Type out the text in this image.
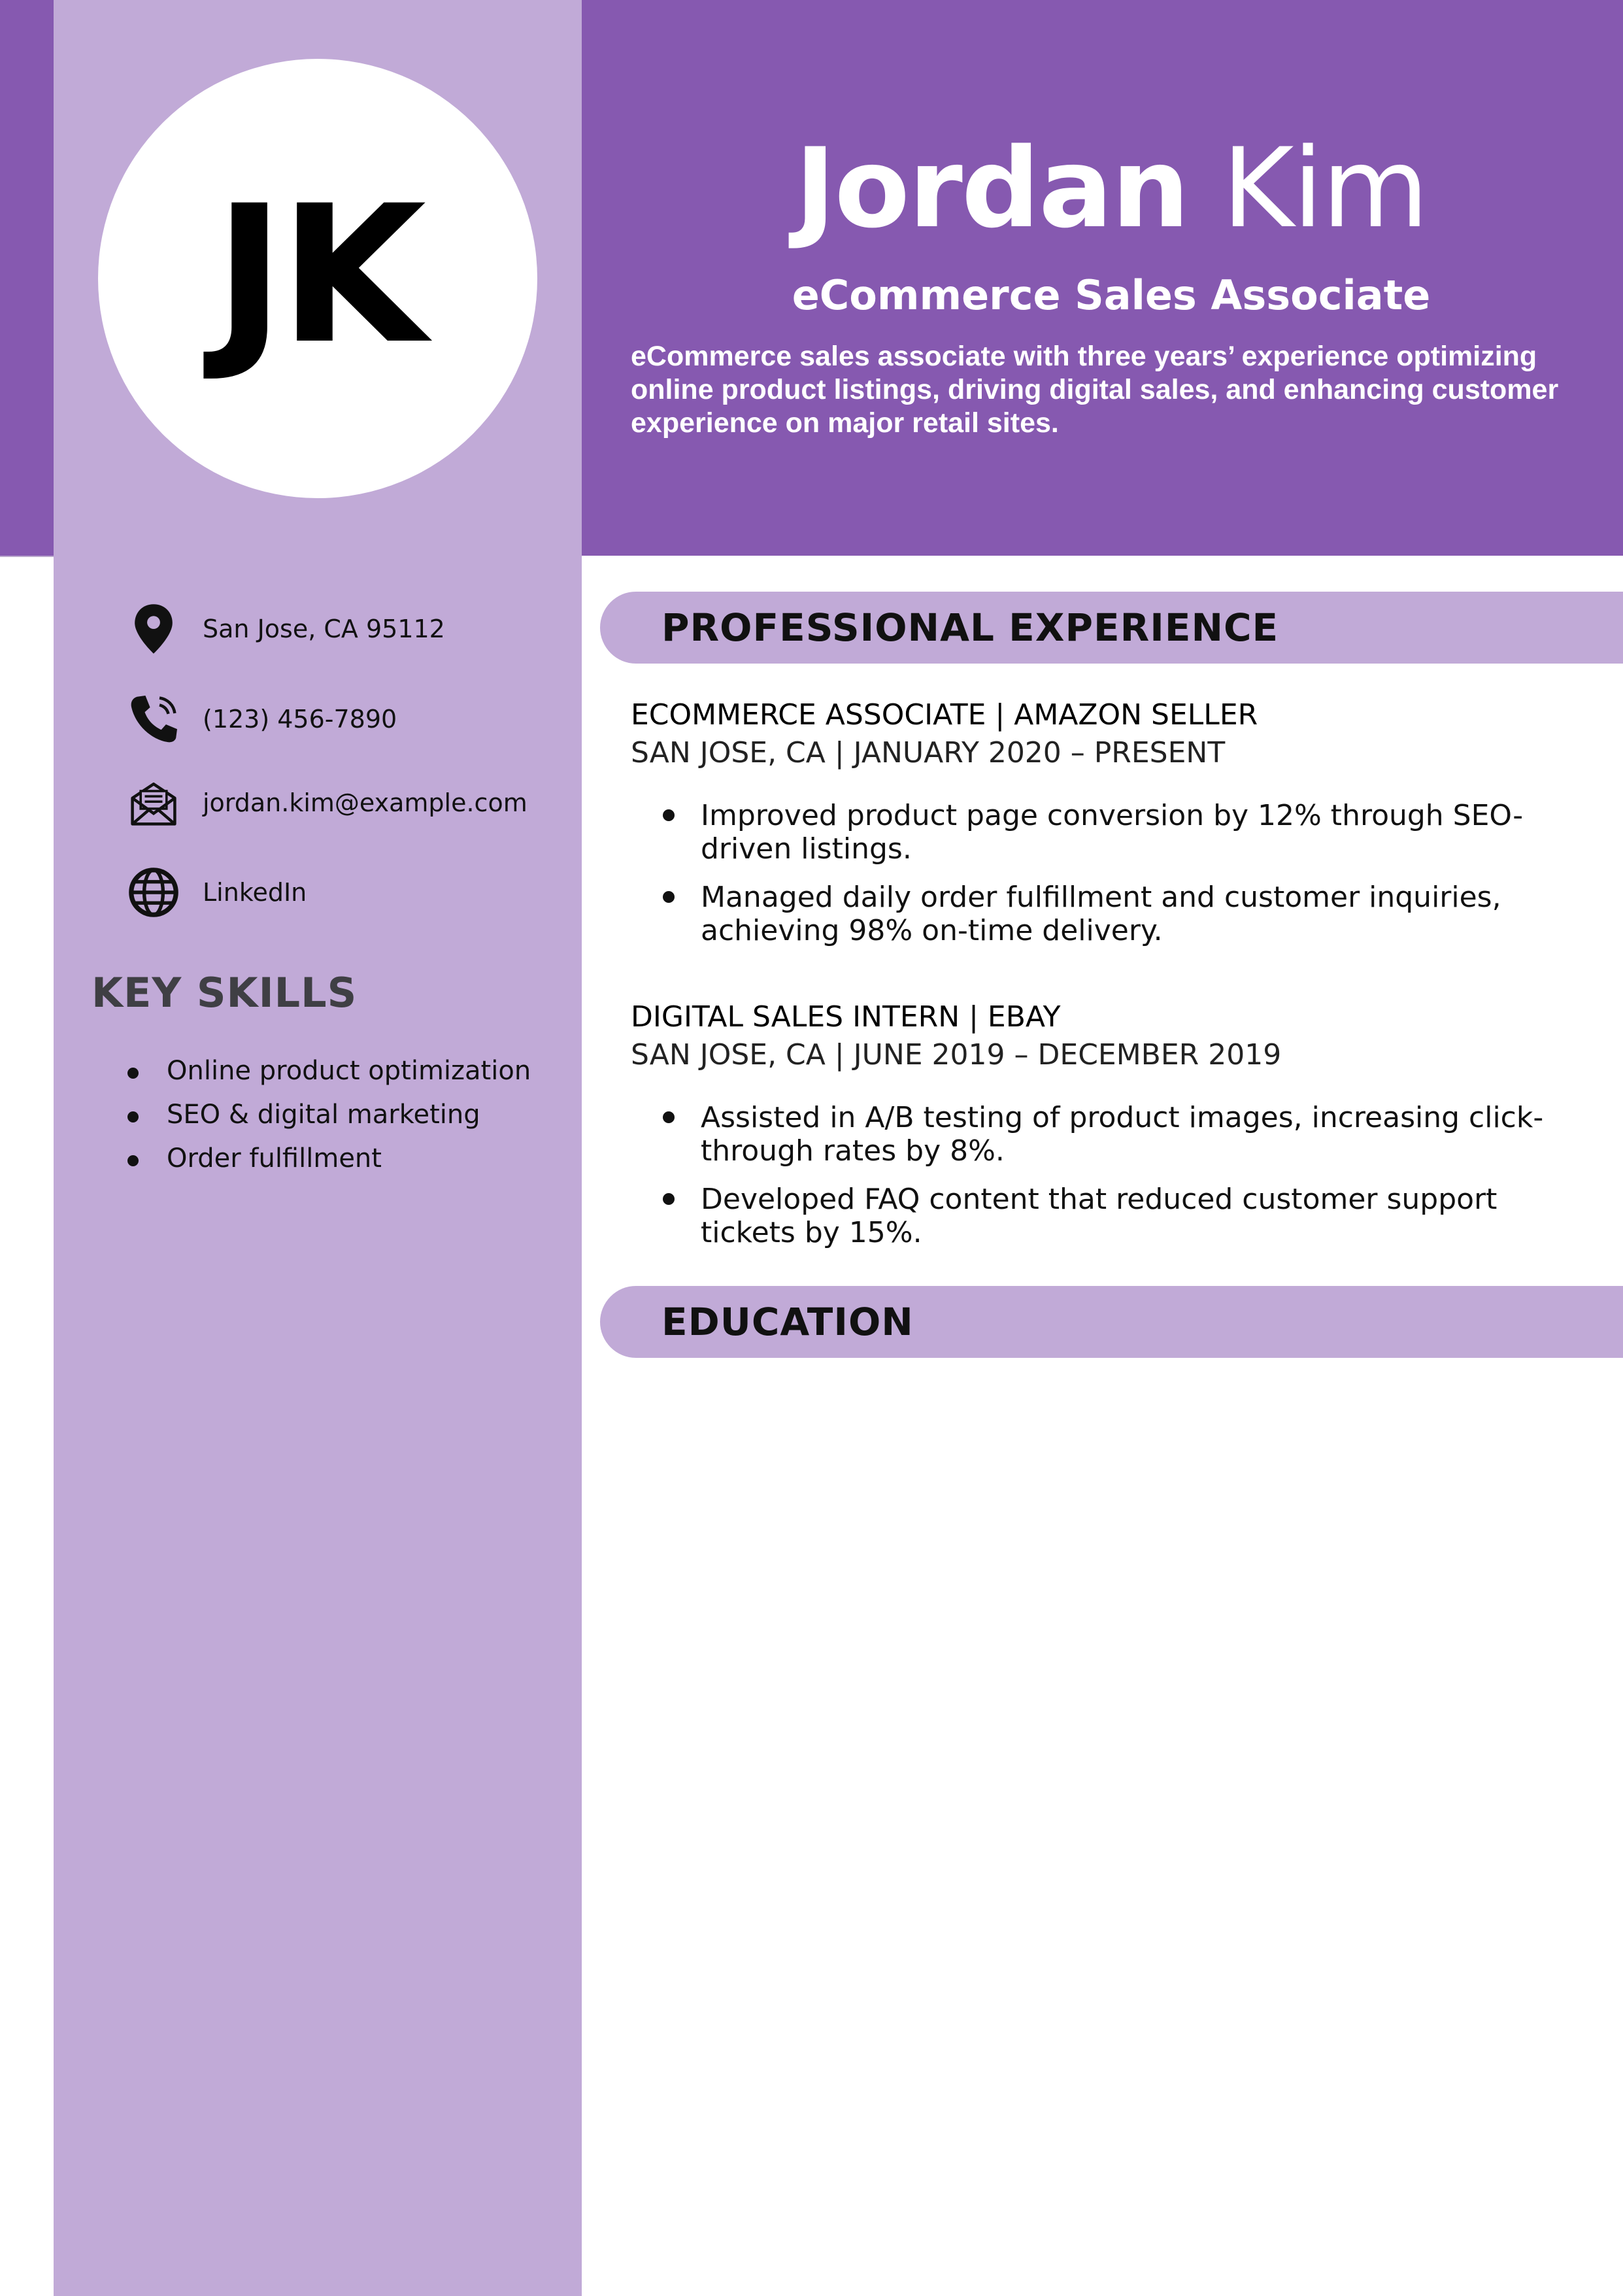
JK	Jordan Kim
eCommerce Sales Associate
eCommerce sales associate with three years’ experience optimizing online product listings, driving digital sales, and enhancing customer experience on major retail sites.
San Jose, CA 95112
(123) 456-7890
jordan.kim@example.com
LinkedIn
KEY SKILLS
Online product optimization
SEO & digital marketing
Order fulfillment
PROFESSIONAL EXPERIENCE
ECOMMERCE ASSOCIATE | AMAZON SELLER
SAN JOSE, CA | JANUARY 2020 – PRESENT
Improved product page conversion by 12% through SEO-driven listings.
Managed daily order fulfillment and customer inquiries, achieving 98% on-time delivery.
DIGITAL SALES INTERN | EBAY
SAN JOSE, CA | JUNE 2019 – DECEMBER 2019
Assisted in A/B testing of product images, increasing click-through rates by 8%.
Developed FAQ content that reduced customer support tickets by 15%.
EDUCATION
